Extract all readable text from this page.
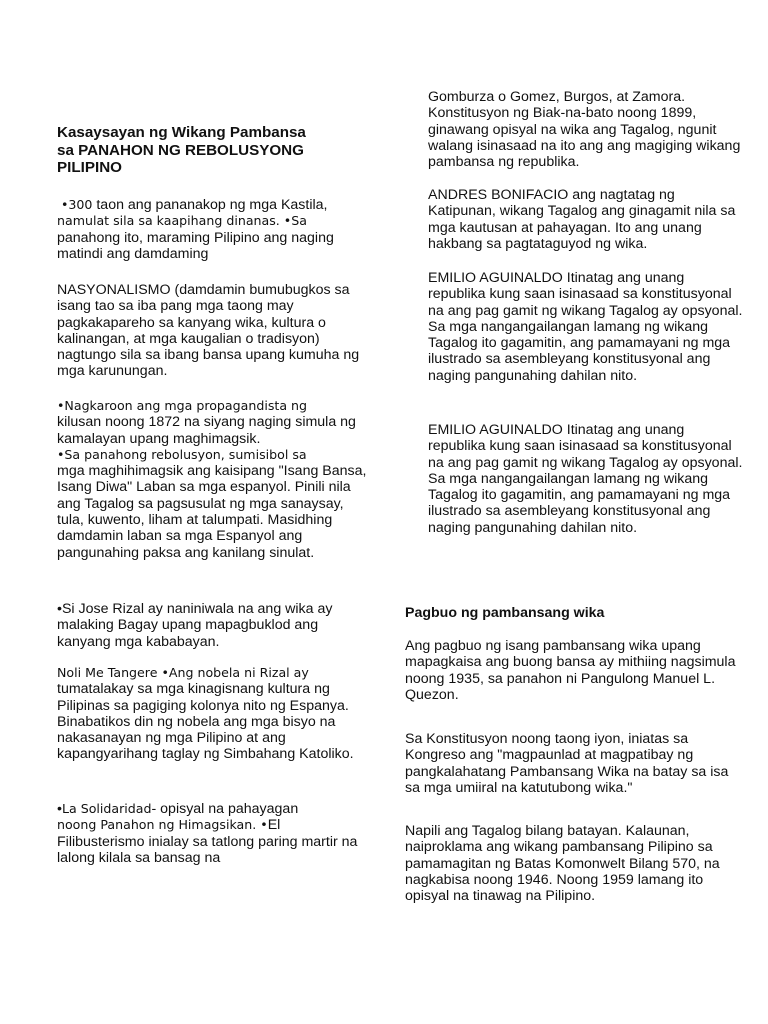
Kasaysayan ng Wikang Pambansa
sa PANAHON NG REBOLUSYONG
PILIPINO

•300 taon ang pananakop ng mga Kastila,
namulat sila sa kaapihang dinanas. •Sa
panahong ito, maraming Pilipino ang naging matindi ang damdaming

NASYONALISMO (damdamin bumubugkos sa isang tao sa iba pang mga taong may pagkakapareho sa kanyang wika, kultura o kalinangan, at mga kaugalian o tradisyon) nagtungo sila sa ibang bansa upang kumuha ng mga karunungan.

•Nagkaroon ang mga propagandista ng
kilusan noong 1872 na siyang naging simula ng kamalayan upang maghimagsik.
•Sa panahong rebolusyon, sumisibol sa
mga maghihimagsik ang kaisipang "Isang Bansa, Isang Diwa" Laban sa mga espanyol. Pinili nila ang Tagalog sa pagsusulat ng mga sanaysay, tula, kuwento, liham at talumpati. Masidhing damdamin laban sa mga Espanyol ang pangunahing paksa ang kanilang sinulat.

•Si Jose Rizal ay naniniwala na ang wika ay malaking Bagay upang mapagbuklod ang kanyang mga kababayan.

Noli Me Tangere •Ang nobela ni Rizal ay
tumatalakay sa mga kinagisnang kultura ng Pilipinas sa pagiging kolonya nito ng Espanya. Binabatikos din ng nobela ang mga bisyo na nakasanayan ng mga Pilipino at ang kapangyarihang taglay ng Simbahang Katoliko.

•La Solidaridad- opisyal na pahayagan
noong Panahon ng Himagsikan. •El
Filibusterismo inialay sa tatlong paring martir na lalong kilala sa bansag na

Gomburza o Gomez, Burgos, at Zamora. Konstitusyon ng Biak-na-bato noong 1899, ginawang opisyal na wika ang Tagalog, ngunit walang isinasaad na ito ang ang magiging wikang pambansa ng republika.

ANDRES BONIFACIO ang nagtatag ng Katipunan, wikang Tagalog ang ginagamit nila sa mga kautusan at pahayagan. Ito ang unang hakbang sa pagtataguyod ng wika.

EMILIO AGUINALDO Itinatag ang unang republika kung saan isinasaad sa konstitusyonal na ang pag gamit ng wikang Tagalog ay opsyonal. Sa mga nangangailangan lamang ng wikang Tagalog ito gagamitin, ang pamamayani ng mga ilustrado sa asembleyang konstitusyonal ang naging pangunahing dahilan nito.

EMILIO AGUINALDO Itinatag ang unang republika kung saan isinasaad sa konstitusyonal na ang pag gamit ng wikang Tagalog ay opsyonal. Sa mga nangangailangan lamang ng wikang Tagalog ito gagamitin, ang pamamayani ng mga ilustrado sa asembleyang konstitusyonal ang naging pangunahing dahilan nito.

Pagbuo ng pambansang wika

Ang pagbuo ng isang pambansang wika upang mapagkaisa ang buong bansa ay mithiing nagsimula noong 1935, sa panahon ni Pangulong Manuel L. Quezon.

Sa Konstitusyon noong taong iyon, iniatas sa Kongreso ang "magpaunlad at magpatibay ng pangkalahatang Pambansang Wika na batay sa isa sa mga umiiral na katutubong wika."

Napili ang Tagalog bilang batayan. Kalaunan, naiproklama ang wikang pambansang Pilipino sa pamamagitan ng Batas Komonwelt Bilang 570, na nagkabisa noong 1946. Noong 1959 lamang ito opisyal na tinawag na Pilipino.
